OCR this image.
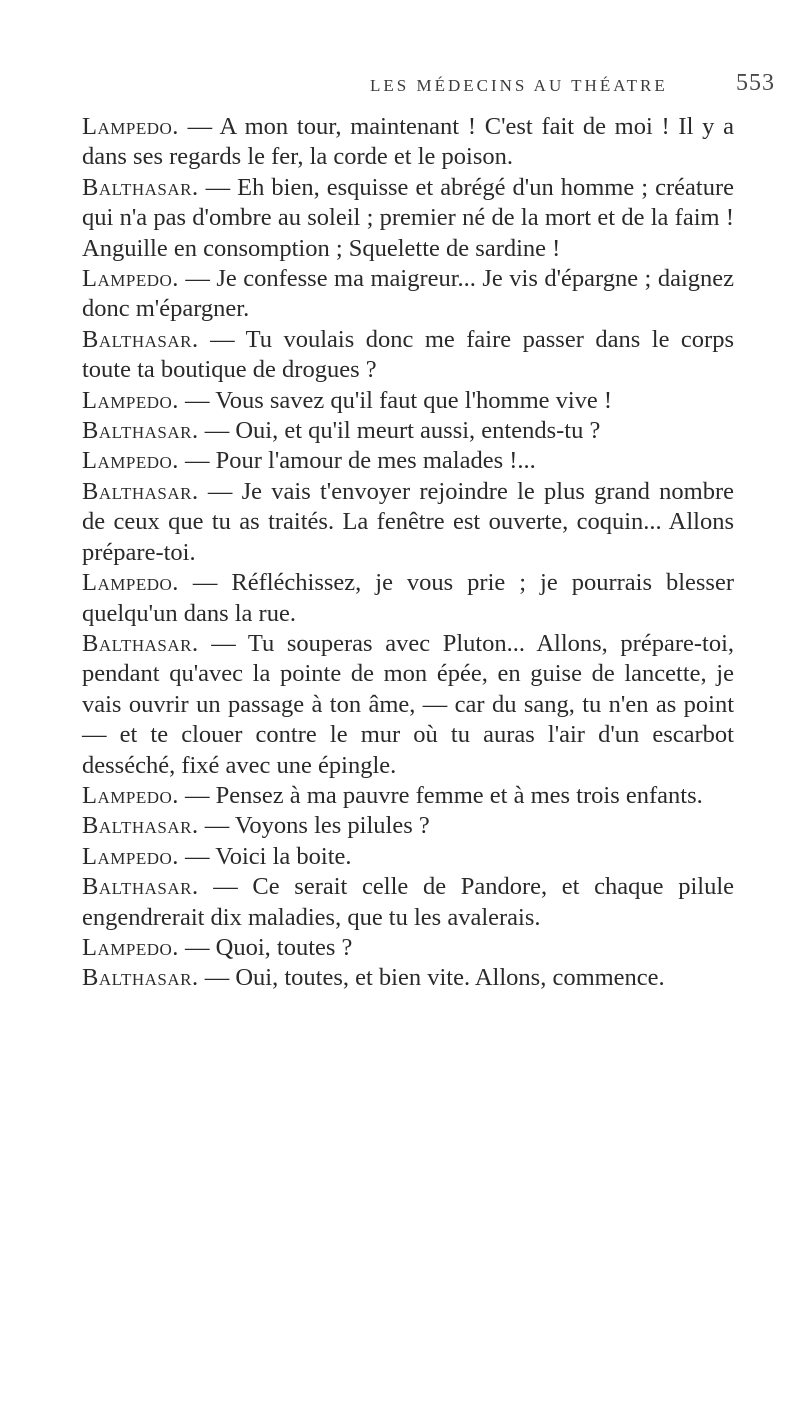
LES MÉDECINS AU THÉATRE	553

Lampedo. — A mon tour, maintenant ! C'est fait de moi ! Il y a dans ses regards le fer, la corde et le poison.

Balthasar. — Eh bien, esquisse et abrégé d'un homme ; créature qui n'a pas d'ombre au soleil ; premier né de la mort et de la faim ! Anguille en consomption ; Squelette de sardine !

Lampedo. — Je confesse ma maigreur... Je vis d'épargne ; daignez donc m'épargner.

Balthasar. — Tu voulais donc me faire passer dans le corps toute ta boutique de drogues ?

Lampedo. — Vous savez qu'il faut que l'homme vive !

Balthasar. — Oui, et qu'il meurt aussi, entends-tu ?

Lampedo. — Pour l'amour de mes malades !...

Balthasar. — Je vais t'envoyer rejoindre le plus grand nombre de ceux que tu as traités. La fenêtre est ouverte, coquin... Allons prépare-toi.

Lampedo. — Réfléchissez, je vous prie ; je pourrais blesser quelqu'un dans la rue.

Balthasar. — Tu souperas avec Pluton... Allons, prépare-toi, pendant qu'avec la pointe de mon épée, en guise de lancette, je vais ouvrir un passage à ton âme, — car du sang, tu n'en as point — et te clouer contre le mur où tu auras l'air d'un escarbot desséché, fixé avec une épingle.

Lampedo. — Pensez à ma pauvre femme et à mes trois enfants.

Balthasar. — Voyons les pilules ?

Lampedo. — Voici la boite.

Balthasar. — Ce serait celle de Pandore, et chaque pilule engendrerait dix maladies, que tu les avalerais.

Lampedo. — Quoi, toutes ?

Balthasar. — Oui, toutes, et bien vite. Allons, commence.
